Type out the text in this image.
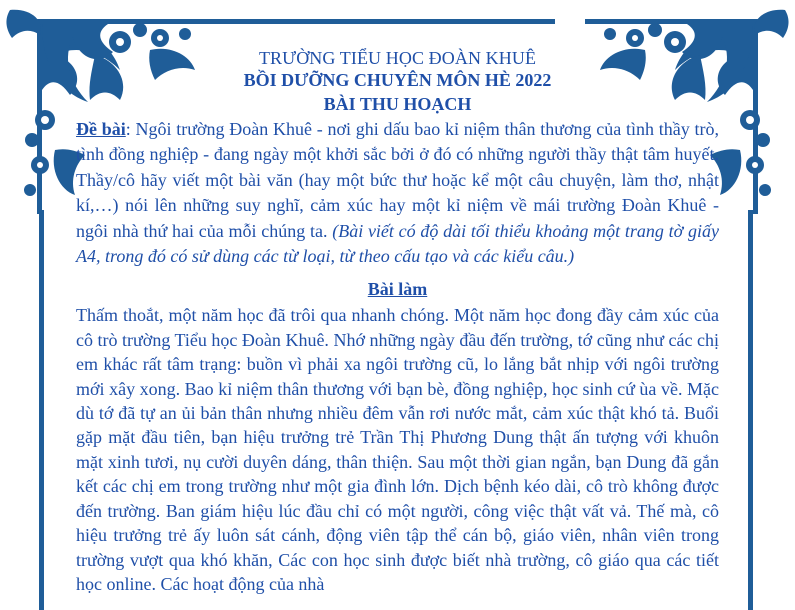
TRƯỜNG TIỂU HỌC ĐOÀN KHUÊ
BỒI DƯỠNG CHUYÊN MÔN HÈ 2022
BÀI THU HOẠCH
Đề bài: Ngôi trường Đoàn Khuê - nơi ghi dấu bao kỉ niệm thân thương của tình thầy trò, tình đồng nghiệp - đang ngày một khởi sắc bởi ở đó có những người thầy thật tâm huyết. Thầy/cô hãy viết một bài văn (hay một bức thư hoặc kể một câu chuyện, làm thơ, nhật kí,…) nói lên những suy nghĩ, cảm xúc hay một kỉ niệm về mái trường Đoàn Khuê - ngôi nhà thứ hai của mỗi chúng ta. (Bài viết có độ dài tối thiểu khoảng một trang tờ giấy A4, trong đó có sử dùng các từ loại, từ theo cấu tạo và các kiểu câu.)
Bài làm
Thấm thoắt, một năm học đã trôi qua nhanh chóng. Một năm học đong đầy cảm xúc của cô trò trường Tiểu học Đoàn Khuê. Nhớ những ngày đầu đến trường, tớ cũng như các chị em khác rất tâm trạng: buồn vì phải xa ngôi trường cũ, lo lắng bắt nhịp với ngôi trường mới xây xong. Bao kỉ niệm thân thương với bạn bè, đồng nghiệp, học sinh cứ ùa về. Mặc dù tớ đã tự an ủi bản thân nhưng nhiều đêm vẫn rơi nước mắt, cảm xúc thật khó tả. Buổi gặp mặt đầu tiên, bạn hiệu trưởng trẻ Trần Thị Phương Dung thật ấn tượng với khuôn mặt xinh tươi, nụ cười duyên dáng, thân thiện. Sau một thời gian ngắn, bạn Dung đã gắn kết các chị em trong trường như một gia đình lớn. Dịch bệnh kéo dài, cô trò không được đến trường. Ban giám hiệu lúc đầu chỉ có một người, công việc thật vất vả. Thế mà, cô hiệu trưởng trẻ ấy luôn sát cánh, động viên tập thể cán bộ, giáo viên, nhân viên trong trường vượt qua khó khăn, Các con học sinh được biết nhà trường, cô giáo qua các tiết học online. Các hoạt động của nhà
